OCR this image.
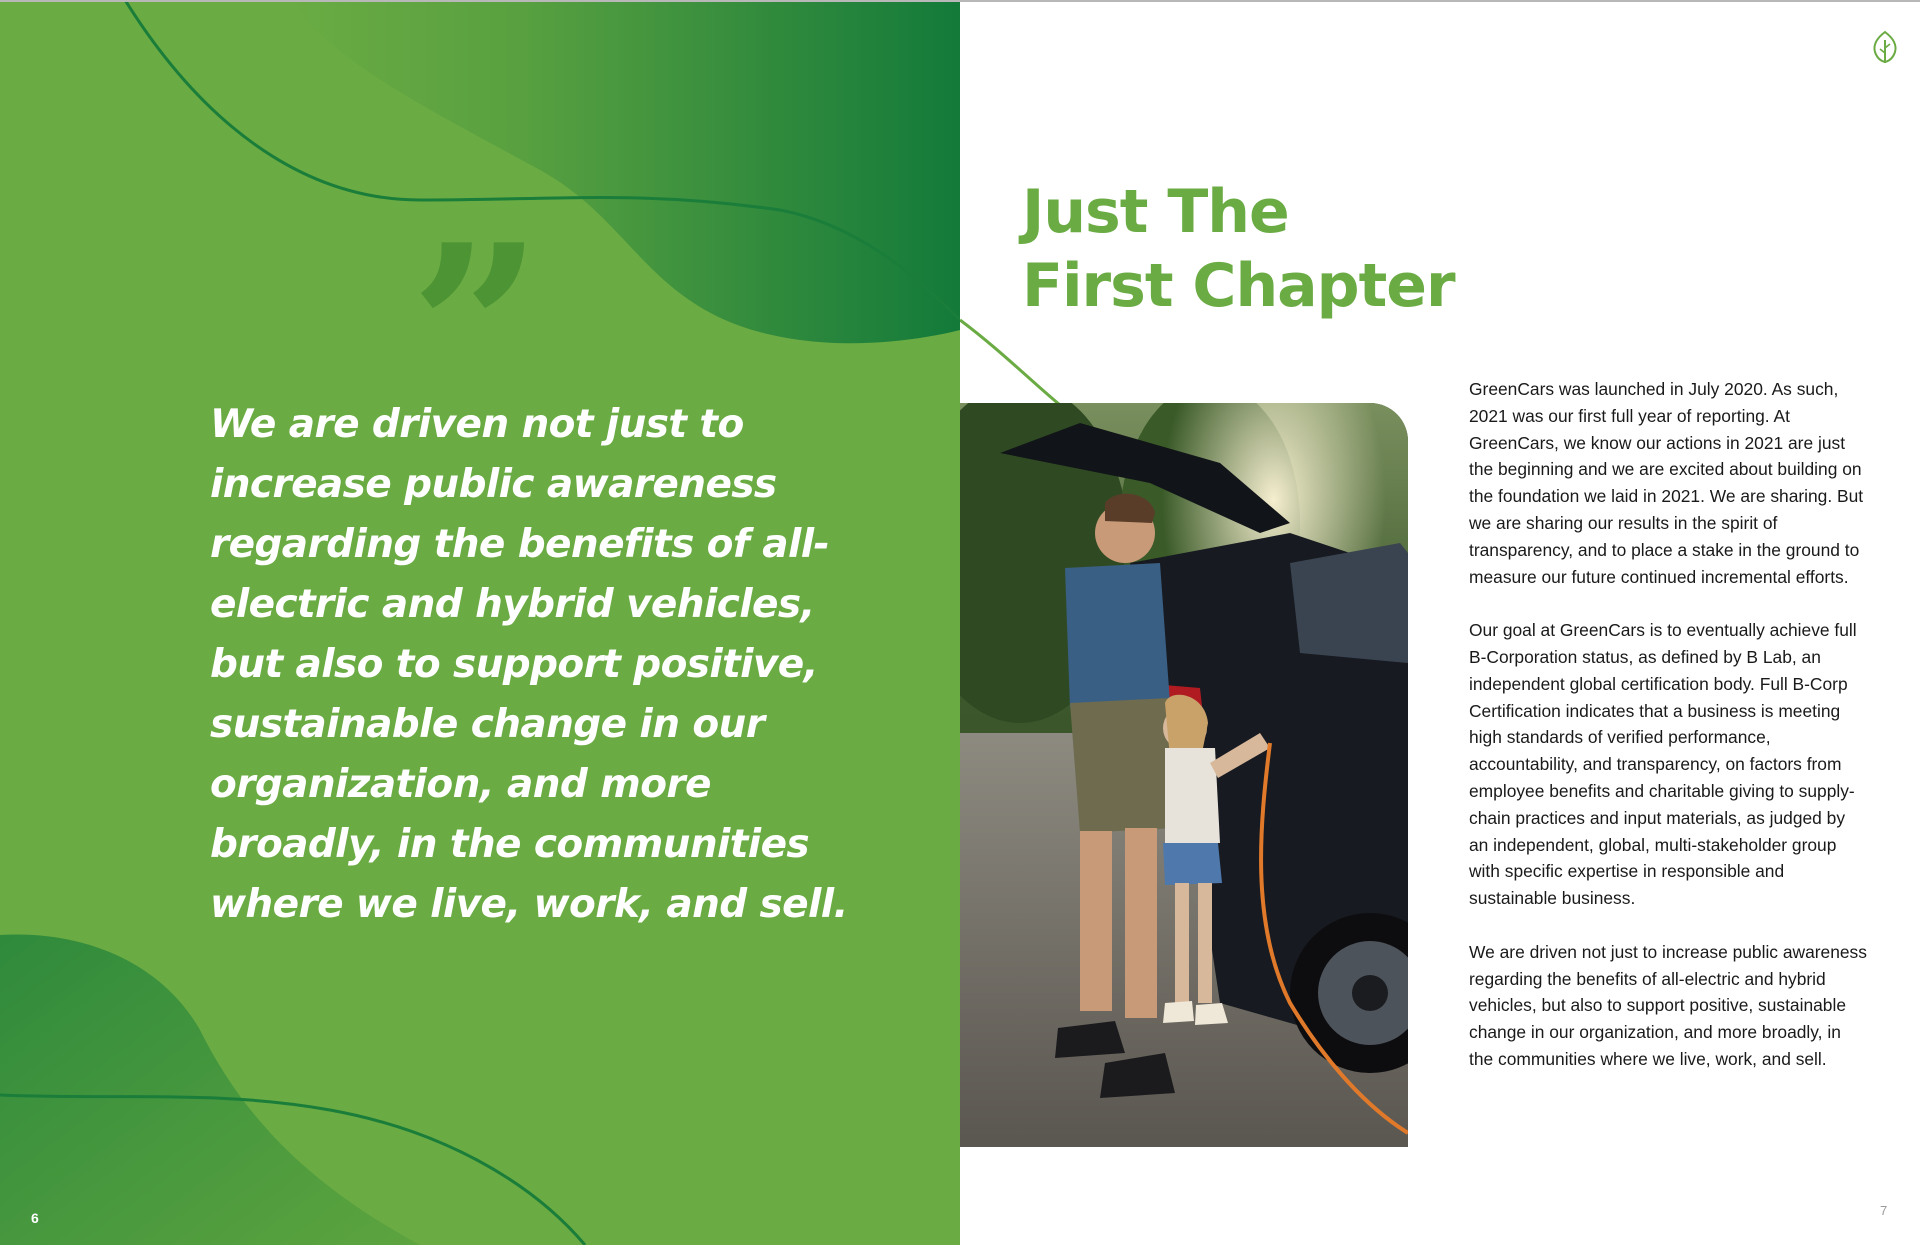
”

We are driven not just to increase public awareness regarding the benefits of all-electric and hybrid vehicles, but also to support positive, sustainable change in our organization, and more broadly, in the communities where we live, work, and sell.

6
Just The
First Chapter

GreenCars was launched in July 2020. As such, 2021 was our first full year of reporting. At GreenCars, we know our actions in 2021 are just the beginning and we are excited about building on the foundation we laid in 2021. We are sharing. But we are sharing our results in the spirit of transparency, and to place a stake in the ground to measure our future continued incremental efforts.

Our goal at GreenCars is to eventually achieve full B-Corporation status, as defined by B Lab, an independent global certification body. Full B-Corp Certification indicates that a business is meeting high standards of verified performance, accountability, and transparency, on factors from employee benefits and charitable giving to supply-chain practices and input materials, as judged by an independent, global, multi-stakeholder group with specific expertise in responsible and sustainable business.

We are driven not just to increase public awareness regarding the benefits of all-electric and hybrid vehicles, but also to support positive, sustainable change in our organization, and more broadly, in the communities where we live, work, and sell.

7
